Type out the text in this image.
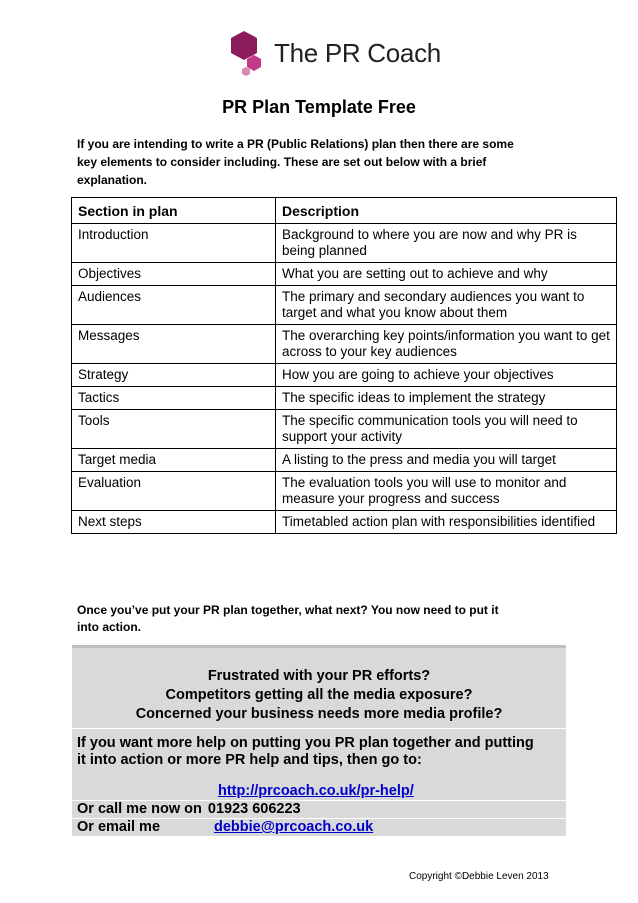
The PR Coach
PR Plan Template Free
If you are intending to write a PR (Public Relations) plan then there are some
key elements to consider including. These are set out below with a brief
explanation.
Section in plan	Description
Introduction	Background to where you are now and why PR is being planned
Objectives	What you are setting out to achieve and why
Audiences	The primary and secondary audiences you want to target and what you know about them
Messages	The overarching key points/information you want to get across to your key audiences
Strategy	How you are going to achieve your objectives
Tactics	The specific ideas to implement the strategy
Tools	The specific communication tools you will need to support your activity
Target media	A listing to the press and media you will target
Evaluation	The evaluation tools you will use to monitor and measure your progress and success
Next steps	Timetabled action plan with responsibilities identified
Once you’ve put your PR plan together, what next? You now need to put it
into action.
Frustrated with your PR efforts?
Competitors getting all the media exposure?
Concerned your business needs more media profile?
If you want more help on putting you PR plan together and putting
it into action or more PR help and tips, then go to:
http://prcoach.co.uk/pr-help/
Or call me now on 01923 606223
Or email me	debbie@prcoach.co.uk
Copyright ©Debbie Leven 2013
